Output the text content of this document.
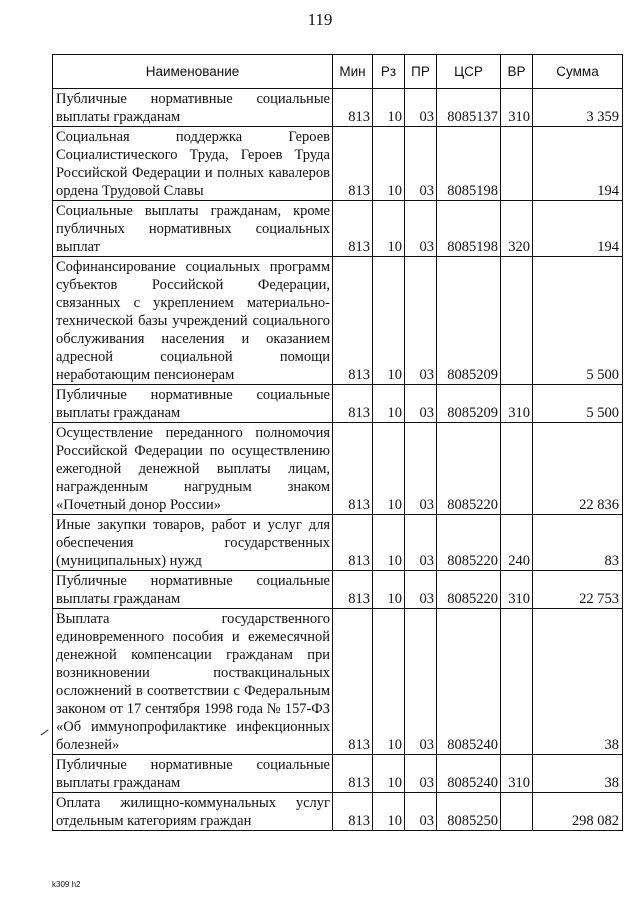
119
Наименование	Мин	Рз	ПР	ЦСР	ВР	Сумма
Публичные нормативные социальные выплаты гражданам	813	10	03	8085137	310	3 359
Социальная поддержка Героев Социалистического Труда, Героев Труда Российской Федерации и полных кавалеров ордена Трудовой Славы	813	10	03	8085198		194
Социальные выплаты гражданам, кроме публичных нормативных социальных выплат	813	10	03	8085198	320	194
Софинансирование социальных программ субъектов Российской Федерации, связанных с укреплением материально-технической базы учреждений социального обслуживания населения и оказанием адресной социальной помощи неработающим пенсионерам	813	10	03	8085209		5 500
Публичные нормативные социальные выплаты гражданам	813	10	03	8085209	310	5 500
Осуществление переданного полномочия Российской Федерации по осуществлению ежегодной денежной выплаты лицам, награжденным нагрудным знаком «Почетный донор России»	813	10	03	8085220		22 836
Иные закупки товаров, работ и услуг для обеспечения государственных (муниципальных) нужд	813	10	03	8085220	240	83
Публичные нормативные социальные выплаты гражданам	813	10	03	8085220	310	22 753
Выплата государственного единовременного пособия и ежемесячной денежной компенсации гражданам при возникновении поствакцинальных осложнений в соответствии с Федеральным законом от 17 сентября 1998 года № 157-ФЗ «Об иммунопрофилактике инфекционных болезней»	813	10	03	8085240		38
Публичные нормативные социальные выплаты гражданам	813	10	03	8085240	310	38
Оплата жилищно-коммунальных услуг отдельным категориям граждан	813	10	03	8085250		298 082
k309 h2
